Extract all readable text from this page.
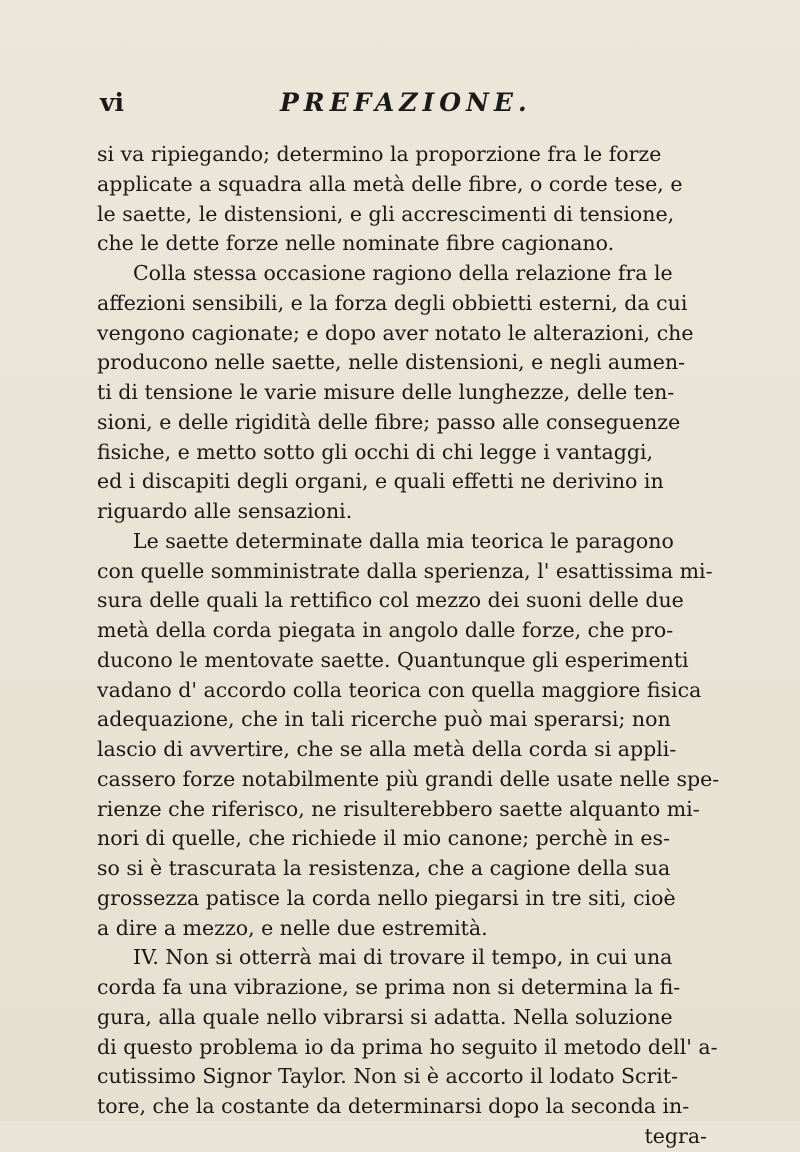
vi	PREFAZIONE.
si va ripiegando; determino la proporzione fra le forze
applicate a squadra alla metà delle fibre, o corde tese, e
le saette, le distensioni, e gli accrescimenti di tensione,
che le dette forze nelle nominate fibre cagionano.
Colla stessa occasione ragiono della relazione fra le
affezioni sensibili, e la forza degli obbietti esterni, da cui
vengono cagionate; e dopo aver notato le alterazioni, che
producono nelle saette, nelle distensioni, e negli aumen-
ti di tensione le varie misure delle lunghezze, delle ten-
sioni, e delle rigidità delle fibre; passo alle conseguenze
fisiche, e metto sotto gli occhi di chi legge i vantaggi,
ed i discapiti degli organi, e quali effetti ne derivino in
riguardo alle sensazioni.
Le saette determinate dalla mia teorica le paragono
con quelle somministrate dalla sperienza, l' esattissima mi-
sura delle quali la rettifico col mezzo dei suoni delle due
metà della corda piegata in angolo dalle forze, che pro-
ducono le mentovate saette. Quantunque gli esperimenti
vadano d' accordo colla teorica con quella maggiore fisica
adequazione, che in tali ricerche può mai sperarsi; non
lascio di avvertire, che se alla metà della corda si appli-
cassero forze notabilmente più grandi delle usate nelle spe-
rienze che riferisco, ne risulterebbero saette alquanto mi-
nori di quelle, che richiede il mio canone; perchè in es-
so si è trascurata la resistenza, che a cagione della sua
grossezza patisce la corda nello piegarsi in tre siti, cioè
a dire a mezzo, e nelle due estremità.
IV. Non si otterrà mai di trovare il tempo, in cui una
corda fa una vibrazione, se prima non si determina la fi-
gura, alla quale nello vibrarsi si adatta. Nella soluzione
di questo problema io da prima ho seguito il metodo dell' a-
cutissimo Signor Taylor. Non si è accorto il lodato Scrit-
tore, che la costante da determinarsi dopo la seconda in-
tegra-
